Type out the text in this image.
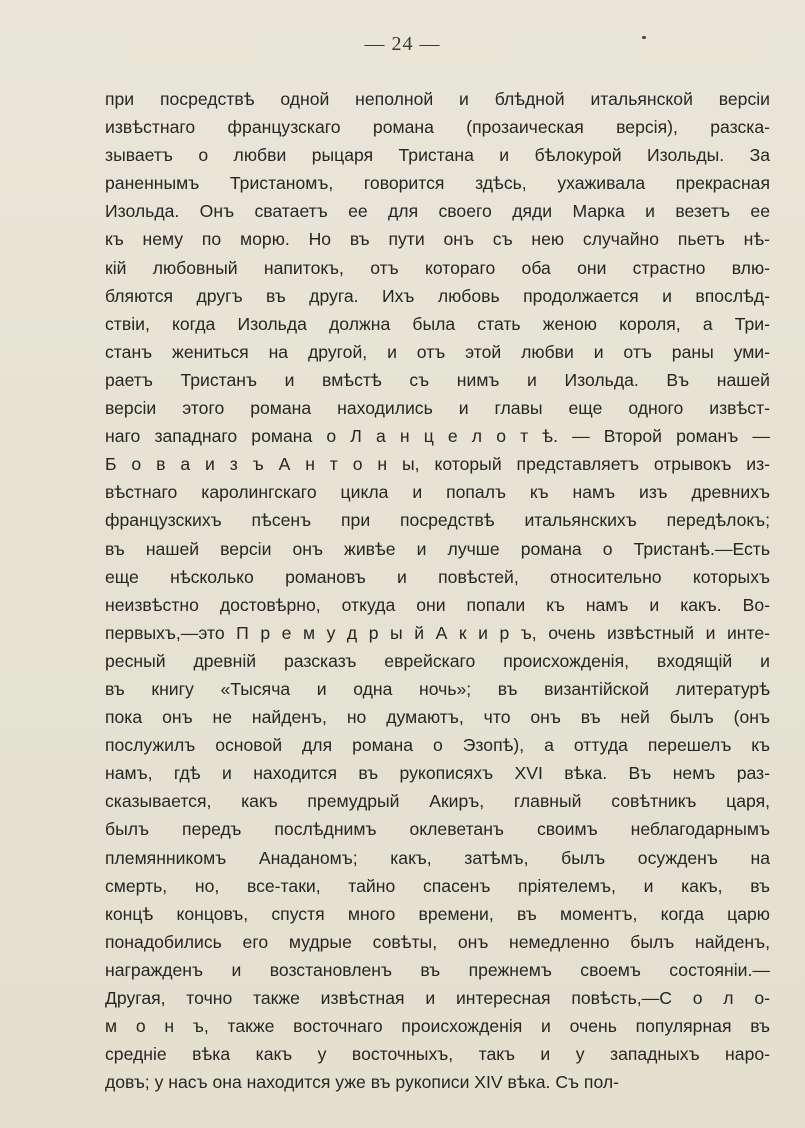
— 24 —
при посредствѣ одной неполной и блѣдной итальянской версіи
извѣстнаго французскаго романа (прозаическая версія), разска-
зываетъ о любви рыцаря Тристана и бѣлокурой Изольды. За
раненнымъ Тристаномъ, говорится здѣсь, ухаживала прекрасная
Изольда. Онъ сватаетъ ее для своего дяди Марка и везетъ ее
къ нему по морю. Но въ пути онъ съ нею случайно пьетъ нѣ-
кій любовный напитокъ, отъ котораго оба они страстно влю-
бляются другъ въ друга. Ихъ любовь продолжается и впослѣд-
ствіи, когда Изольда должна была стать женою короля, а Три-
станъ жениться на другой, и отъ этой любви и отъ раны уми-
раетъ Тристанъ и вмѣстѣ съ нимъ и Изольда. Въ нашей
версіи этого романа находились и главы еще одного извѣст-
наго западнаго романа о Л а н ц е л о т ѣ. — Второй романъ —
Б о в а и з ъ А н т о н ы, который представляетъ отрывокъ из-
вѣстнаго каролингскаго цикла и попалъ къ намъ изъ древнихъ
французскихъ пѣсенъ при посредствѣ итальянскихъ передѣлокъ;
въ нашей версіи онъ живѣе и лучше романа о Тристанѣ.—Есть
еще нѣсколько романовъ и повѣстей, относительно которыхъ
неизвѣстно достовѣрно, откуда они попали къ намъ и какъ. Во-
первыхъ,—это П р е м у д р ы й А к и р ъ, очень извѣстный и инте-
ресный древній разсказъ еврейскаго происхожденія, входящій и
въ книгу «Тысяча и одна ночь»; въ византійской литературѣ
пока онъ не найденъ, но думаютъ, что онъ въ ней былъ (онъ
послужилъ основой для романа о Эзопѣ), а оттуда перешелъ къ
намъ, гдѣ и находится въ рукописяхъ XVI вѣка. Въ немъ раз-
сказывается, какъ премудрый Акиръ, главный совѣтникъ царя,
былъ передъ послѣднимъ оклеветанъ своимъ неблагодарнымъ
племянникомъ Анаданомъ; какъ, затѣмъ, былъ осужденъ на
смерть, но, все-таки, тайно спасенъ пріятелемъ, и какъ, въ
концѣ концовъ, спустя много времени, въ моментъ, когда царю
понадобились его мудрые совѣты, онъ немедленно былъ найденъ,
награжденъ и возстановленъ въ прежнемъ своемъ состояніи.—
Другая, точно также извѣстная и интересная повѣсть,—С о л о-
м о н ъ, также восточнаго происхожденія и очень популярная въ
средніе вѣка какъ у восточныхъ, такъ и у западныхъ наро-
довъ; у насъ она находится уже въ рукописи XIV вѣка. Съ пол-
